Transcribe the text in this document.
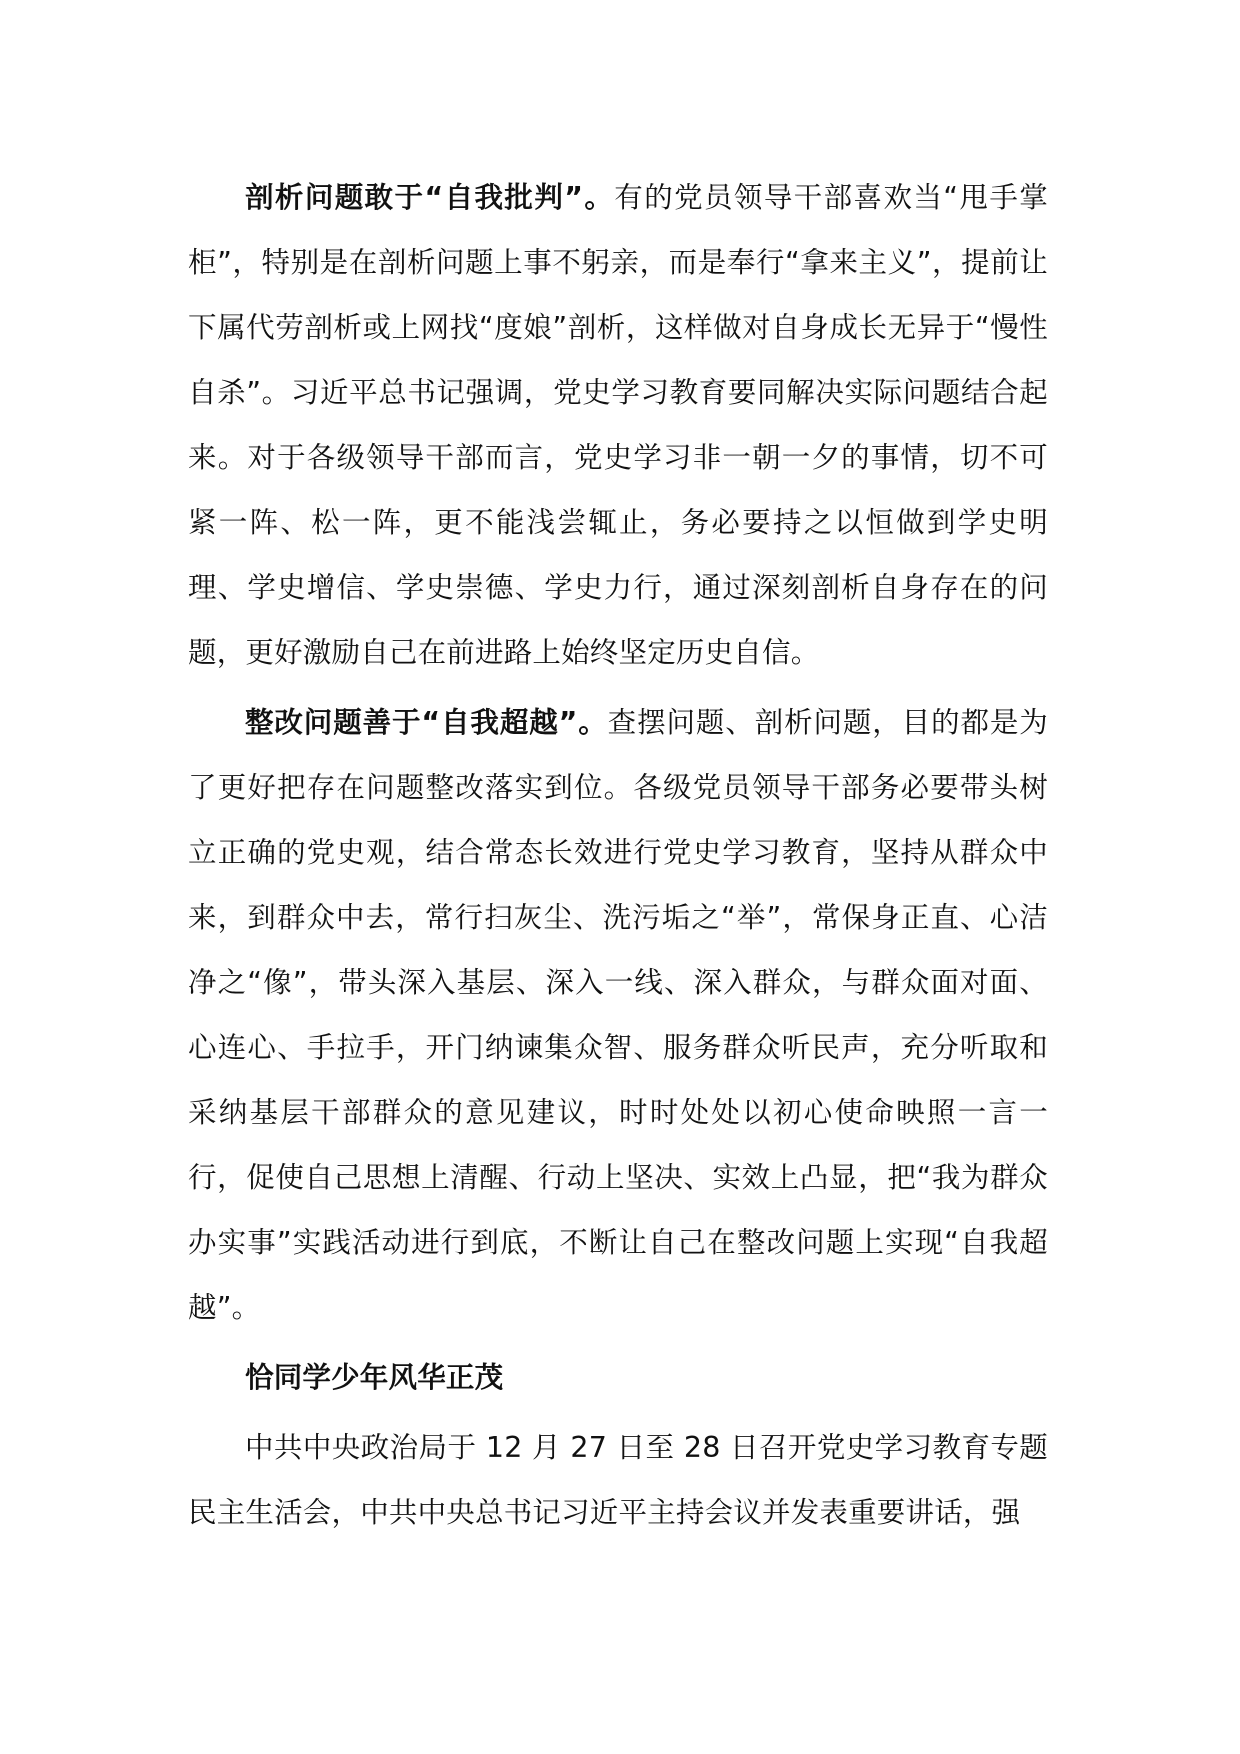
剖析问题敢于“自我批判”。有的党员领导干部喜欢当“甩手掌柜”，特别是在剖析问题上事不躬亲，而是奉行“拿来主义”，提前让下属代劳剖析或上网找“度娘”剖析，这样做对自身成长无异于“慢性自杀”。习近平总书记强调，党史学习教育要同解决实际问题结合起来。对于各级领导干部而言，党史学习非一朝一夕的事情，切不可紧一阵、松一阵，更不能浅尝辄止，务必要持之以恒做到学史明理、学史增信、学史崇德、学史力行，通过深刻剖析自身存在的问题，更好激励自己在前进路上始终坚定历史自信。

整改问题善于“自我超越”。查摆问题、剖析问题，目的都是为了更好把存在问题整改落实到位。各级党员领导干部务必要带头树立正确的党史观，结合常态长效进行党史学习教育，坚持从群众中来，到群众中去，常行扫灰尘、洗污垢之“举”，常保身正直、心洁净之“像”，带头深入基层、深入一线、深入群众，与群众面对面、心连心、手拉手，开门纳谏集众智、服务群众听民声，充分听取和采纳基层干部群众的意见建议，时时处处以初心使命映照一言一行，促使自己思想上清醒、行动上坚决、实效上凸显，把“我为群众办实事”实践活动进行到底，不断让自己在整改问题上实现“自我超越”。

恰同学少年风华正茂

中共中央政治局于 12 月 27 日至 28 日召开党史学习教育专题民主生活会，中共中央总书记习近平主持会议并发表重要讲话，强
